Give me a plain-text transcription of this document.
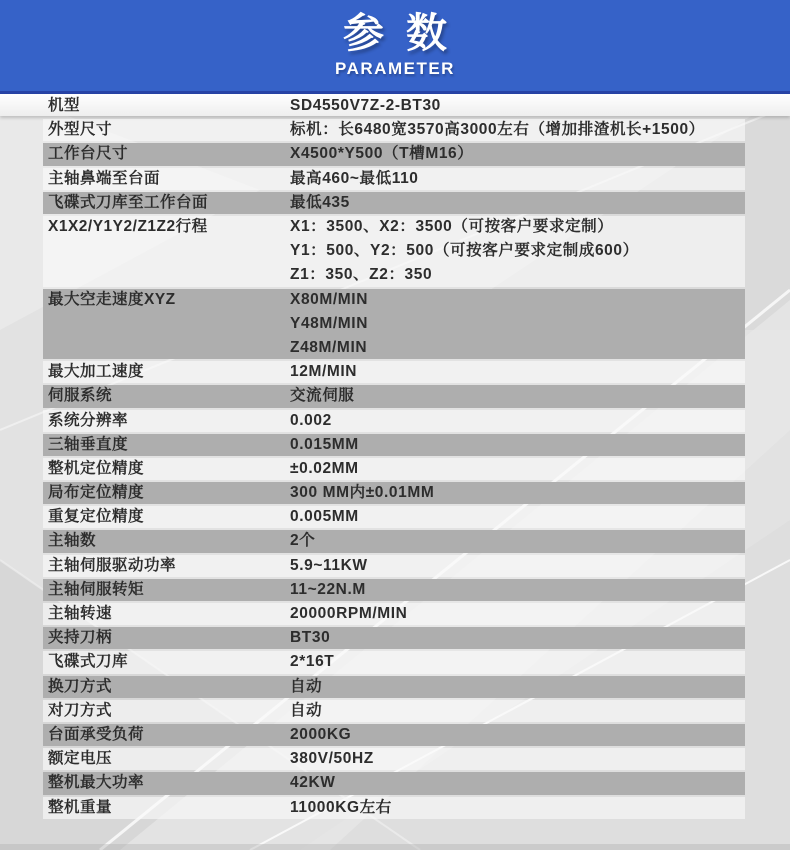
参数
PARAMETER
机型	SD4550V7Z-2-BT30
外型尺寸	标机：长6480宽3570高3000左右（增加排渣机长+1500）
工作台尺寸	X4500*Y500（T槽M16）
主轴鼻端至台面	最高460~最低110
飞碟式刀库至工作台面	最低435
X1X2/Y1Y2/Z1Z2行程	X1：3500、X2：3500（可按客户要求定制）
Y1：500、Y2：500（可按客户要求定制成600）
Z1：350、Z2：350
最大空走速度XYZ	X80M/MIN
Y48M/MIN
Z48M/MIN
最大加工速度	12M/MIN
伺服系统	交流伺服
系统分辨率	0.002
三轴垂直度	0.015MM
整机定位精度	±0.02MM
局布定位精度	300 MM内±0.01MM
重复定位精度	0.005MM
主轴数	2个
主轴伺服驱动功率	5.9~11KW
主轴伺服转矩	11~22N.M
主轴转速	20000RPM/MIN
夹持刀柄	BT30
飞碟式刀库	2*16T
换刀方式	自动
对刀方式	自动
台面承受负荷	2000KG
额定电压	380V/50HZ
整机最大功率	42KW
整机重量	11000KG左右
